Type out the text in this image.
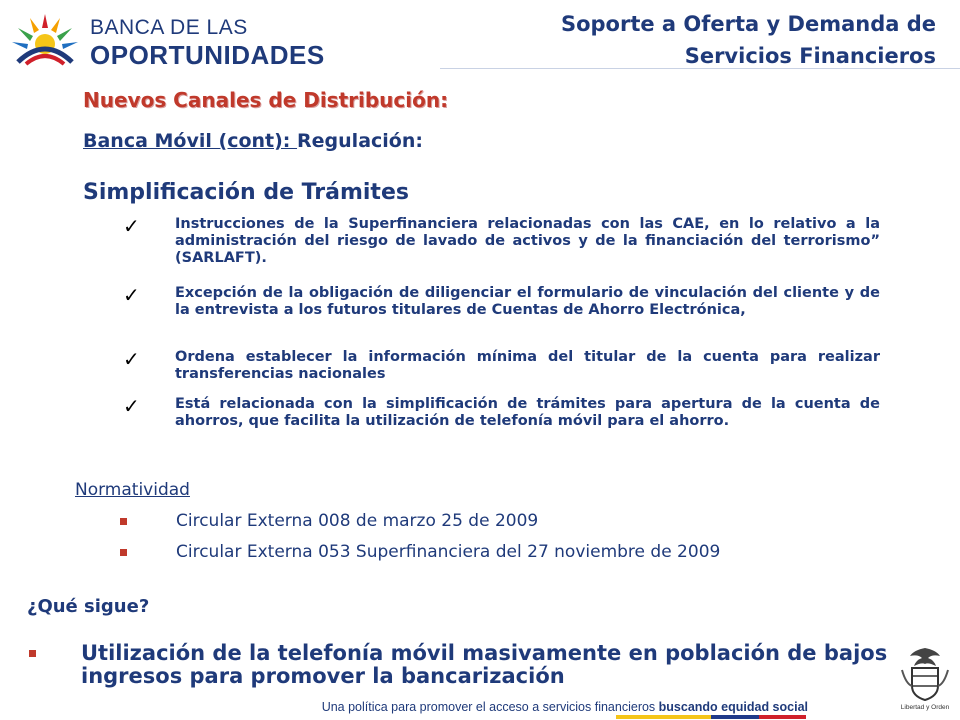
BANCA DE LAS
OPORTUNIDADES
Soporte a Oferta y Demanda de
Servicios Financieros
Nuevos Canales de Distribución:
Banca Móvil (cont): Regulación:
Simplificación de Trámites
✓ Instrucciones de la Superfinanciera relacionadas con las CAE, en lo relativo a la administración del riesgo de lavado de activos y de la financiación del terrorismo” (SARLAFT).
✓ Excepción de la obligación de diligenciar el formulario de vinculación del cliente y de la entrevista a los futuros titulares de Cuentas de Ahorro Electrónica,
✓ Ordena establecer la información mínima del titular de la cuenta para realizar transferencias nacionales
✓ Está relacionada con la simplificación de trámites para apertura de la cuenta de ahorros, que facilita la utilización de telefonía móvil para el ahorro.
Normatividad
Circular Externa 008 de marzo 25 de 2009
Circular Externa 053 Superfinanciera del 27 noviembre de 2009
¿Qué sigue?
Utilización de la telefonía móvil masivamente en población de bajos ingresos para promover la bancarización
Libertad y Orden
Una política para promover el acceso a servicios financieros buscando equidad social
